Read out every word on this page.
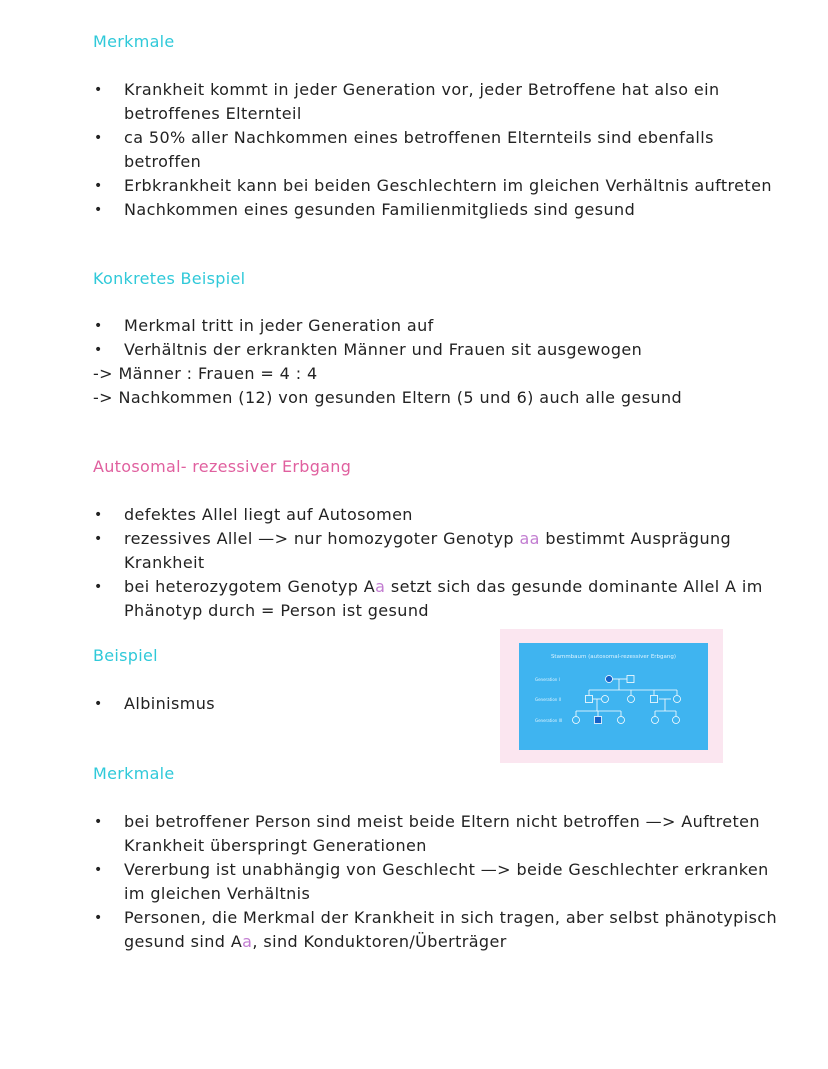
Merkmale
• Krankheit kommt in jeder Generation vor, jeder Betroffene hat also ein betroffenes Elternteil
• ca 50% aller Nachkommen eines betroffenen Elternteils sind ebenfalls betroffen
• Erbkrankheit kann bei beiden Geschlechtern im gleichen Verhältnis auftreten
• Nachkommen eines gesunden Familienmitglieds sind gesund
Konkretes Beispiel
• Merkmal tritt in jeder Generation auf
• Verhältnis der erkrankten Männer und Frauen sit ausgewogen
-> Männer : Frauen = 4 : 4
-> Nachkommen (12) von gesunden Eltern (5 und 6) auch alle gesund
Autosomal- rezessiver Erbgang
• defektes Allel liegt auf Autosomen
• rezessives Allel —> nur homozygoter Genotyp aa bestimmt Ausprägung Krankheit
• bei heterozygotem Genotyp Aa setzt sich das gesunde dominante Allel A im Phänotyp durch = Person ist gesund
Beispiel
• Albinismus
Stammbaum (autosomal-rezessiver Erbgang)
Generation I
Generation II
Generation III
Merkmale
• bei betroffener Person sind meist beide Eltern nicht betroffen —> Auftreten Krankheit überspringt Generationen
• Vererbung ist unabhängig von Geschlecht —> beide Geschlechter erkranken im gleichen Verhältnis
• Personen, die Merkmal der Krankheit in sich tragen, aber selbst phänotypisch gesund sind Aa, sind Konduktoren/Überträger
